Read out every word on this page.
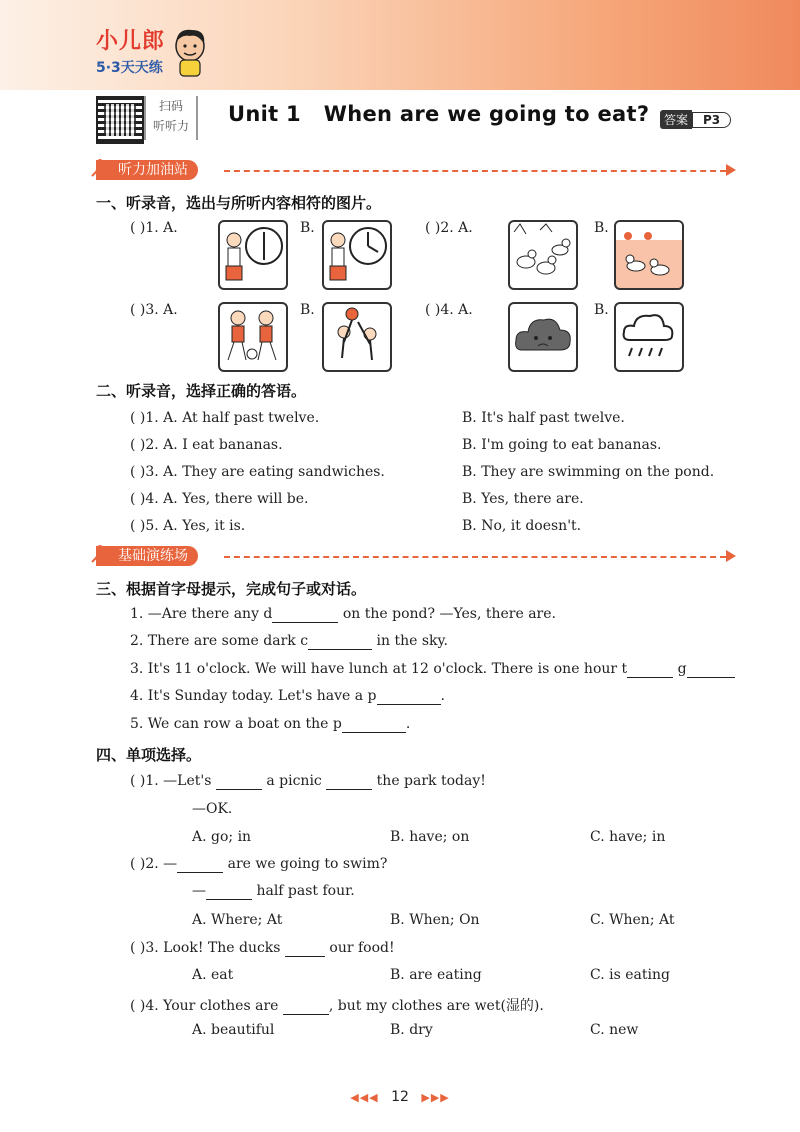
小儿郎
5·3天天练
扫码
听听力	Unit 1   When are we going to eat?	答案	P3
听力加油站
一、听录音，选出与所听内容相符的图片。
( )1. A.	B.	( )2. A.	B.
( )3. A.	B.	( )4. A.	B.
二、听录音，选择正确的答语。
( )1. A. At half past twelve.	B. It's half past twelve.
( )2. A. I eat bananas.	B. I'm going to eat bananas.
( )3. A. They are eating sandwiches.	B. They are swimming on the pond.
( )4. A. Yes, there will be.	B. Yes, there are.
( )5. A. Yes, it is.	B. No, it doesn't.
基础演练场
三、根据首字母提示，完成句子或对话。
1. —Are there any d	on the pond? —Yes, there are.
2. There are some dark c	in the sky.
3. It's 11 o'clock. We will have lunch at 12 o'clock. There is one hour t	g
4. It's Sunday today. Let's have a p	.
5. We can row a boat on the p	.
四、单项选择。
( )1. —Let's	a picnic	the park today!
—OK.
A. go; in	B. have; on	C. have; in
( )2. —	are we going to swim?
—	half past four.
A. Where; At	B. When; On	C. When; At
( )3. Look! The ducks	our food!
A. eat	B. are eating	C. is eating
( )4. Your clothes are	, but my clothes are wet(湿的).
A. beautiful	B. dry	C. new
◀◀◀ 12 ▶▶▶
